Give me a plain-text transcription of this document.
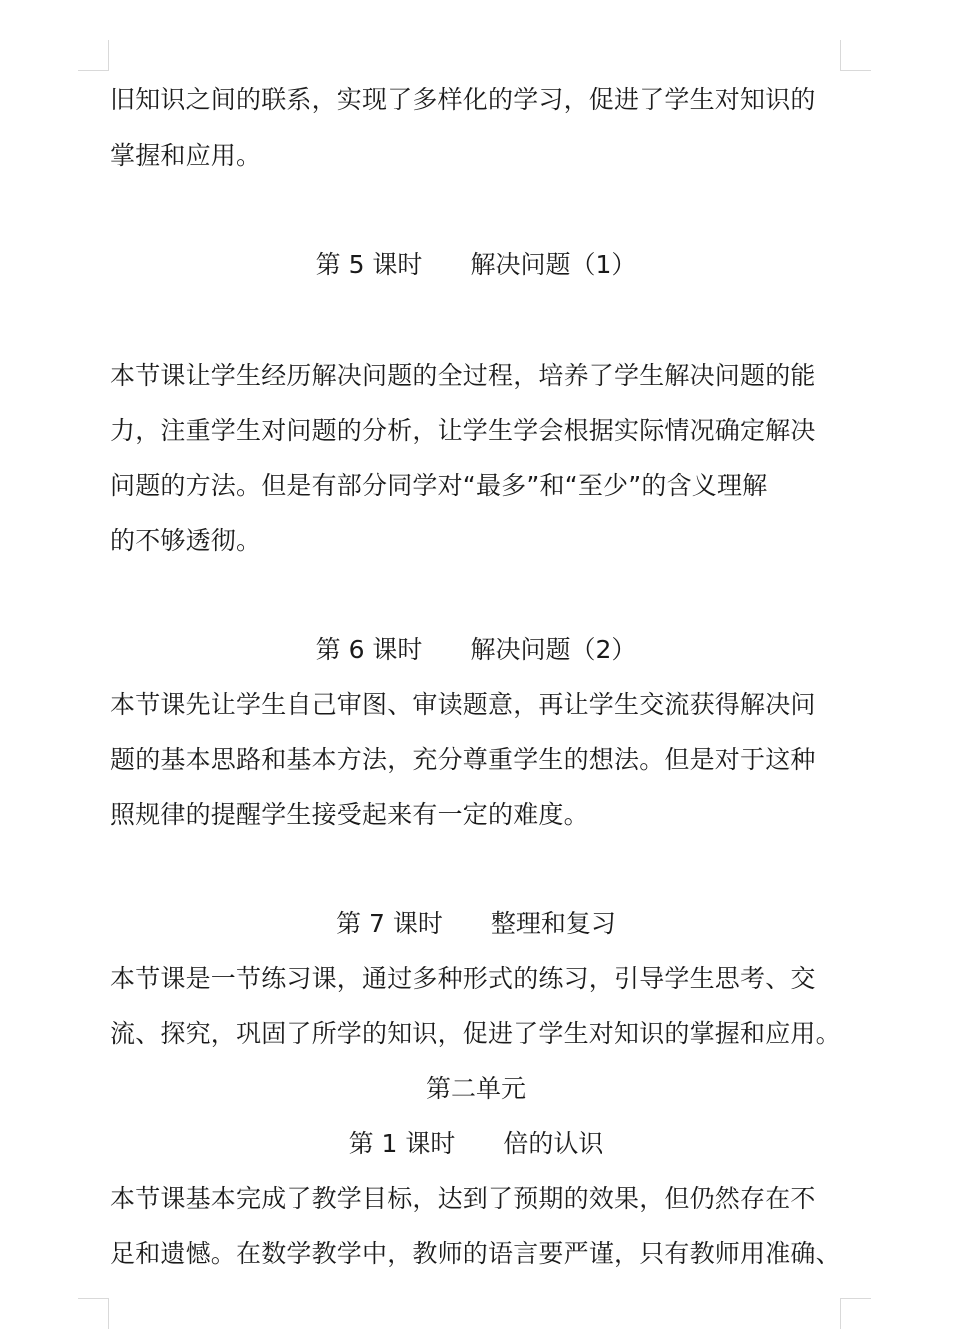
旧知识之间的联系，实现了多样化的学习，促进了学生对知识的
掌握和应用。
第 5 课时 解决问题（1）
本节课让学生经历解决问题的全过程，培养了学生解决问题的能
力，注重学生对问题的分析，让学生学会根据实际情况确定解决
问题的方法。但是有部分同学对“最多”和“至少”的含义理解
的不够透彻。
第 6 课时 解决问题（2）
本节课先让学生自己审图、审读题意，再让学生交流获得解决问
题的基本思路和基本方法，充分尊重学生的想法。但是对于这种
照规律的提醒学生接受起来有一定的难度。
第 7 课时 整理和复习
本节课是一节练习课，通过多种形式的练习，引导学生思考、交
流、探究，巩固了所学的知识，促进了学生对知识的掌握和应用。
第二单元
第 1 课时 倍的认识
本节课基本完成了教学目标，达到了预期的效果，但仍然存在不
足和遗憾。在数学教学中，教师的语言要严谨，只有教师用准确、
